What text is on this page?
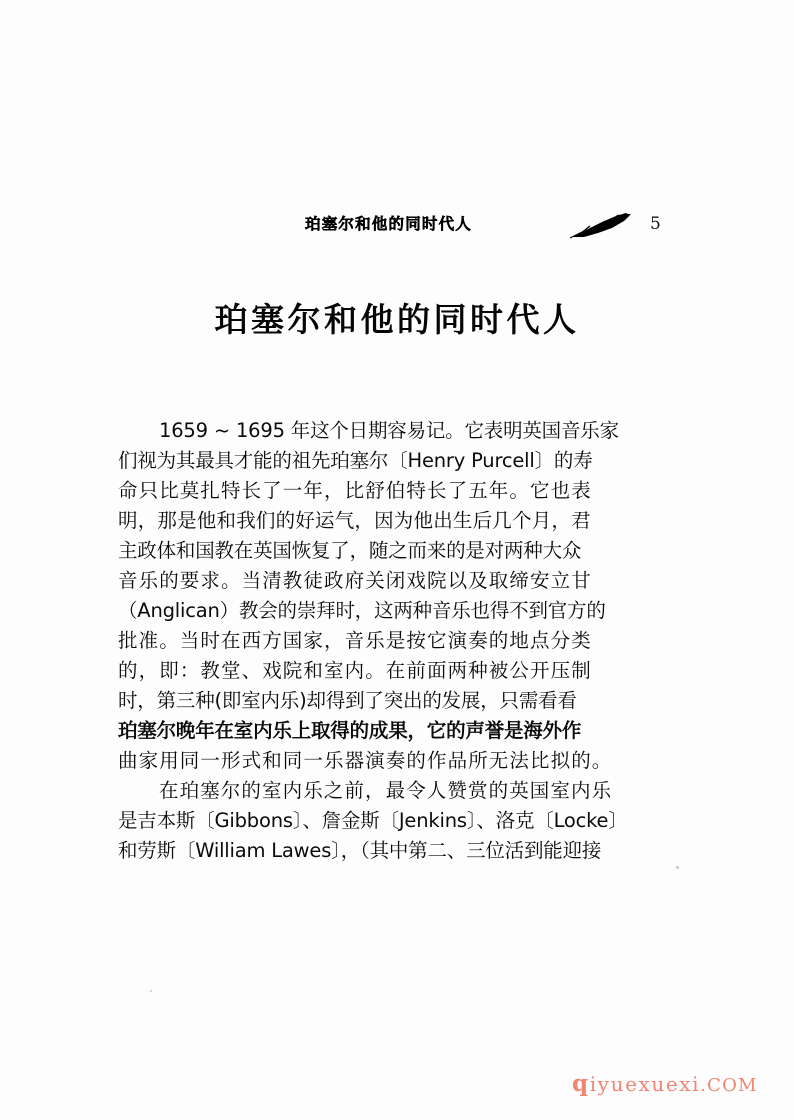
珀塞尔和他的同时代人	5
珀塞尔和他的同时代人
1659 ~ 1695 年这个日期容易记。它表明英国音乐家
们视为其最具才能的祖先珀塞尔〔Henry Purcell〕的寿
命只比莫扎特长了一年，比舒伯特长了五年。它也表
明，那是他和我们的好运气，因为他出生后几个月，君
主政体和国教在英国恢复了，随之而来的是对两种大众
音乐的要求。当清教徒政府关闭戏院以及取缔安立甘
（Anglican）教会的崇拜时，这两种音乐也得不到官方的
批准。当时在西方国家，音乐是按它演奏的地点分类
的，即：教堂、戏院和室内。在前面两种被公开压制
时，第三种(即室内乐)却得到了突出的发展，只需看看
珀塞尔晚年在室内乐上取得的成果，它的声誉是海外作
曲家用同一形式和同一乐器演奏的作品所无法比拟的。
在珀塞尔的室内乐之前，最令人赞赏的英国室内乐
是吉本斯〔Gibbons〕、詹金斯〔Jenkins〕、洛克〔Locke〕
和劳斯〔William Lawes〕，（其中第二、三位活到能迎接
qiyuexuexi.COM
